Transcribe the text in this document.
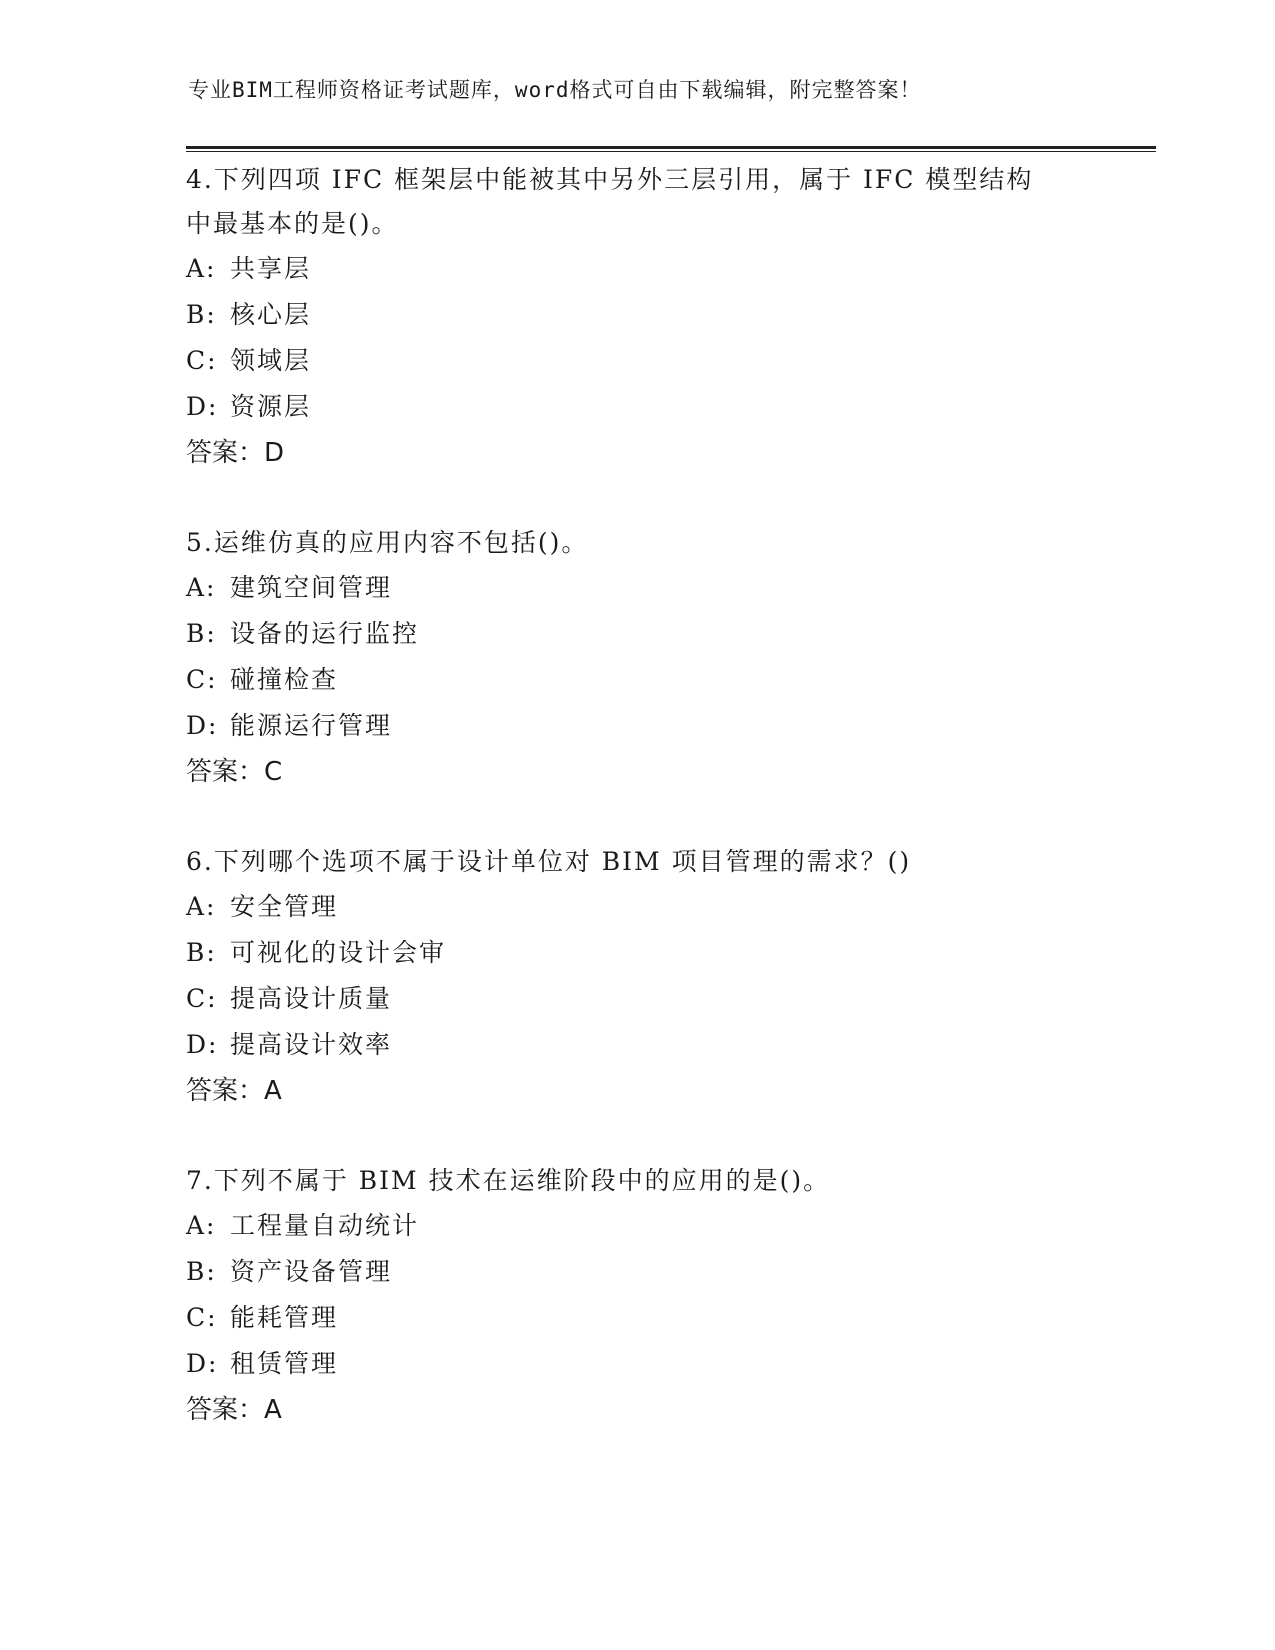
专业BIM工程师资格证考试题库，word格式可自由下载编辑，附完整答案！

4.下列四项 IFC 框架层中能被其中另外三层引用，属于 IFC 模型结构
中最基本的是()。

A: 共享层
B: 核心层
C: 领域层
D: 资源层
答案：D

5.运维仿真的应用内容不包括()。

A: 建筑空间管理
B: 设备的运行监控
C: 碰撞检查
D: 能源运行管理
答案：C

6.下列哪个选项不属于设计单位对 BIM 项目管理的需求？()

A: 安全管理
B: 可视化的设计会审
C: 提高设计质量
D: 提高设计效率
答案：A

7.下列不属于 BIM 技术在运维阶段中的应用的是()。

A: 工程量自动统计
B: 资产设备管理
C: 能耗管理
D: 租赁管理
答案：A
